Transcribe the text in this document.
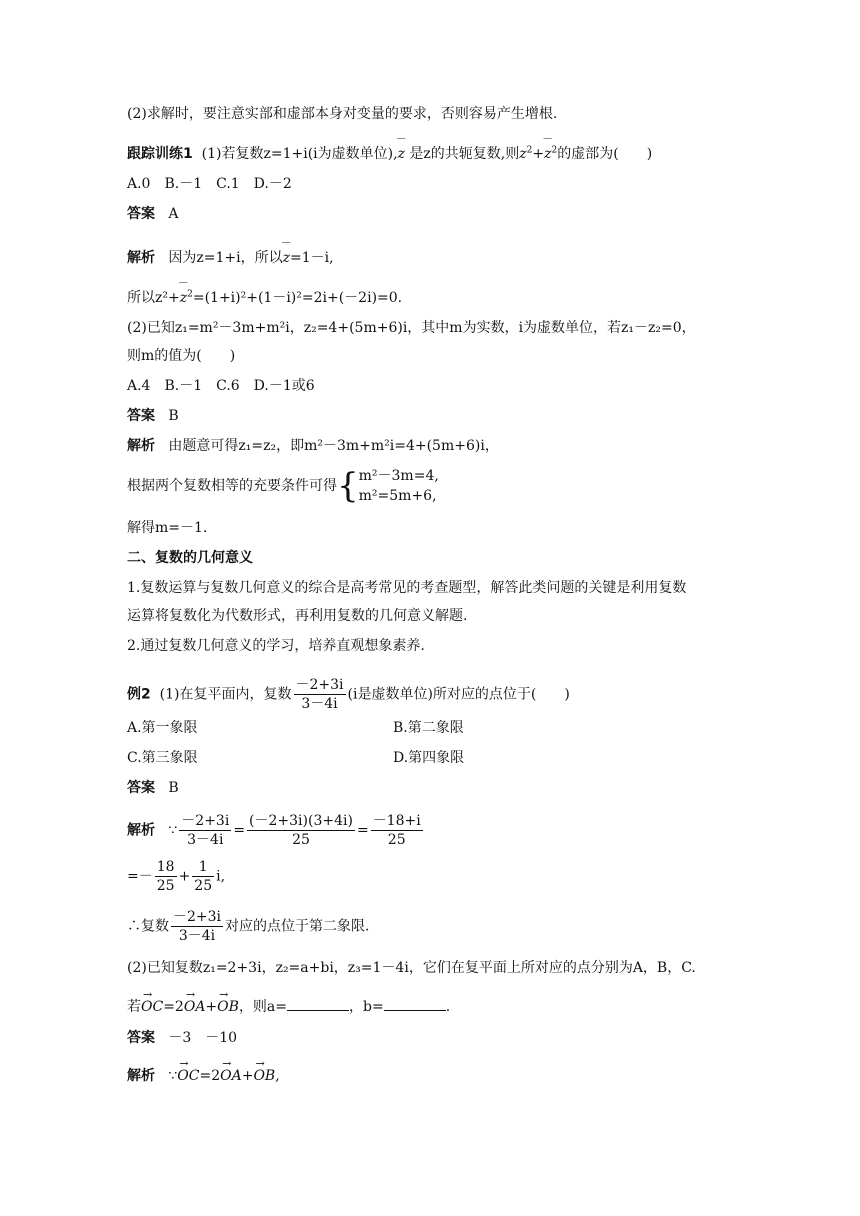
(2)求解时，要注意实部和虚部本身对变量的要求，否则容易产生增根.
跟踪训练1 (1)若复数z=1+i(i为虚数单位),— z 是z的共轭复数,则$z^2+—$ $z^2$的虚部为(　　)
A.0　B.－1　C.1　D.－2
答案 A
解析 因为z=1+i，所以— z=1－i,
所以z²+— $z^2=(1+i)^2+(1-i)^2=2i+(-2i)=0$.
(2)已知z₁=m²－3m+m²i，z₂=4+(5m+6)i，其中m为实数，i为虚数单位，若z₁－z₂=0，
则m的值为(　　)
A.4　B.－1　C.6　D.－1或6
答案 B
解析 由题意可得z₁=z₂，即m²－3m+m²i=4+(5m+6)i，
根据两个复数相等的充要条件可得{m²－3m=4,
m²=5m+6,
解得m=－1.
二、复数的几何意义
1.复数运算与复数几何意义的综合是高考常见的考查题型，解答此类问题的关键是利用复数
运算将复数化为代数形式，再利用复数的几何意义解题.
2.通过复数几何意义的学习，培养直观想象素养.
例2 (1)在复平面内，复数 $\frac{-2+3i}{3-4i} (i$是虚数单位)所对应的点位于(　　)
A.第一象限	B.第二象限
C.第三象限	D.第四象限
答案 B
解析 ∵ $\frac{-2+3i}{3-4i} = \frac{(-2+3i)(3+4i)}{25} = \frac{-18+i}{25}$
=－ $\frac{18}{25} + \frac{1}{25} i$,
∴复数 $\frac{-2+3i}{3-4i}$ 对应的点位于第二象限.
(2)已知复数z₁=2+3i，z₂=a+bi，z₃=1－4i，它们在复平面上所对应的点分别为A，B，C.
若→ OC=2→ OA+→ OB，则a=	，b=	.
答案 －3　－10
解析 ∵→ OC=2→ OA+→ OB,
